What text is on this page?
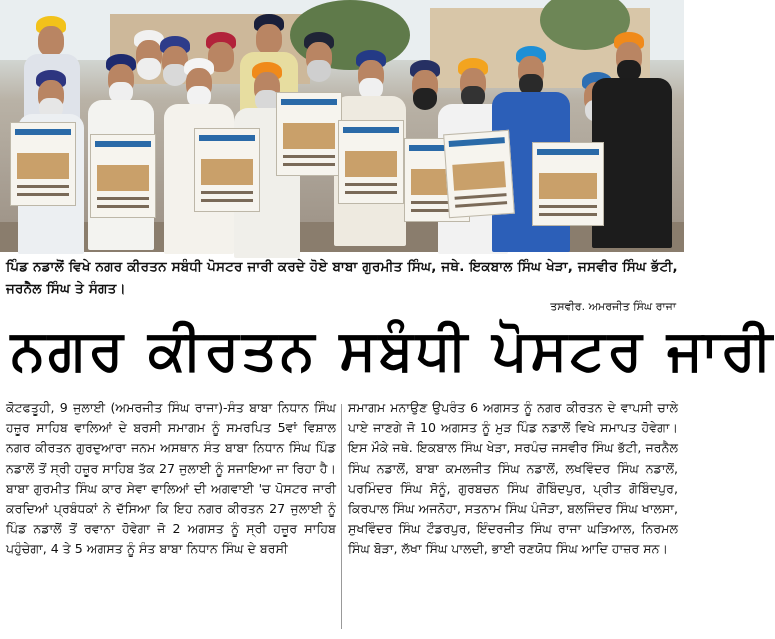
ਪਿੰਡ ਨਡਾਲੋਂ ਵਿਖੇ ਨਗਰ ਕੀਰਤਨ ਸਬੰਧੀ ਪੋਸਟਰ ਜਾਰੀ ਕਰਦੇ ਹੋਏ ਬਾਬਾ ਗੁਰਮੀਤ ਸਿੰਘ, ਜਥੇ. ਇਕਬਾਲ ਸਿੰਘ ਖੇੜਾ, ਜਸਵੀਰ ਸਿੰਘ ਭੱਟੀ, ਜਰਨੈਲ ਸਿੰਘ ਤੇ ਸੰਗਤ।
ਤਸਵੀਰ. ਅਮਰਜੀਤ ਸਿੰਘ ਰਾਜਾ
ਨਗਰ ਕੀਰਤਨ ਸਬੰਧੀ ਪੋਸਟਰ ਜਾਰੀ
ਕੋਟਫਤੂਹੀ, 9 ਜੁਲਾਈ (ਅਮਰਜੀਤ ਸਿੰਘ ਰਾਜਾ)-ਸੰਤ ਬਾਬਾ ਨਿਧਾਨ ਸਿੰਘ ਹਜ਼ੂਰ ਸਾਹਿਬ ਵਾਲਿਆਂ ਦੇ ਬਰਸੀ ਸਮਾਗਮ ਨੂੰ ਸਮਰਪਿਤ 5ਵਾਂ ਵਿਸ਼ਾਲ ਨਗਰ ਕੀਰਤਨ ਗੁਰਦੁਆਰਾ ਜਨਮ ਅਸਥਾਨ ਸੰਤ ਬਾਬਾ ਨਿਧਾਨ ਸਿੰਘ ਪਿੰਡ ਨਡਾਲੋਂ ਤੋਂ ਸ੍ਰੀ ਹਜ਼ੂਰ ਸਾਹਿਬ ਤੱਕ 27 ਜੁਲਾਈ ਨੂੰ ਸਜਾਇਆ ਜਾ ਰਿਹਾ ਹੈ। ਬਾਬਾ ਗੁਰਮੀਤ ਸਿੰਘ ਕਾਰ ਸੇਵਾ ਵਾਲਿਆਂ ਦੀ ਅਗਵਾਈ 'ਚ ਪੋਸਟਰ ਜਾਰੀ ਕਰਦਿਆਂ ਪ੍ਰਬੰਧਕਾਂ ਨੇ ਦੱਸਿਆ ਕਿ ਇਹ ਨਗਰ ਕੀਰਤਨ 27 ਜੁਲਾਈ ਨੂੰ ਪਿੰਡ ਨਡਾਲੋਂ ਤੋਂ ਰਵਾਨਾ ਹੋਵੇਗਾ ਜੋ 2 ਅਗਸਤ ਨੂੰ ਸ੍ਰੀ ਹਜ਼ੂਰ ਸਾਹਿਬ ਪਹੁੰਚੇਗਾ, 4 ਤੇ 5 ਅਗਸਤ ਨੂੰ ਸੰਤ ਬਾਬਾ ਨਿਧਾਨ ਸਿੰਘ ਦੇ ਬਰਸੀ
ਸਮਾਗਮ ਮਨਾਉਣ ਉਪਰੰਤ 6 ਅਗਸਤ ਨੂੰ ਨਗਰ ਕੀਰਤਨ ਦੇ ਵਾਪਸੀ ਚਾਲੇ ਪਾਏ ਜਾਣਗੇ ਜੋ 10 ਅਗਸਤ ਨੂੰ ਮੁੜ ਪਿੰਡ ਨਡਾਲੋਂ ਵਿਖੇ ਸਮਾਪਤ ਹੋਵੇਗਾ। ਇਸ ਮੌਕੇ ਜਥੇ. ਇਕਬਾਲ ਸਿੰਘ ਖੇੜਾ, ਸਰਪੰਚ ਜਸਵੀਰ ਸਿੰਘ ਭੱਟੀ, ਜਰਨੈਲ ਸਿੰਘ ਨਡਾਲੋਂ, ਬਾਬਾ ਕਮਲਜੀਤ ਸਿੰਘ ਨਡਾਲੋਂ, ਲਖਵਿੰਦਰ ਸਿੰਘ ਨਡਾਲੋਂ, ਪਰਮਿੰਦਰ ਸਿੰਘ ਸੋਨੂੰ, ਗੁਰਬਚਨ ਸਿੰਘ ਗੋਬਿੰਦਪੁਰ, ਪ੍ਰੀਤ ਗੋਬਿੰਦਪੁਰ, ਕਿਰਪਾਲ ਸਿੰਘ ਅਜਨੋਹਾ, ਸਤਨਾਮ ਸਿੰਘ ਪੰਜੋੜਾ, ਬਲਜਿੰਦਰ ਸਿੰਘ ਖਾਲਸਾ, ਸੁਖਵਿੰਦਰ ਸਿੰਘ ਟੌਡਰਪੁਰ, ਇੰਦਰਜੀਤ ਸਿੰਘ ਰਾਜਾ ਘੜਿਆਲ, ਨਿਰਮਲ ਸਿੰਘ ਬੋੜਾ, ਲੱਖਾ ਸਿੰਘ ਪਾਲਦੀ, ਭਾਈ ਰਣਯੋਧ ਸਿੰਘ ਆਦਿ ਹਾਜ਼ਰ ਸਨ।
